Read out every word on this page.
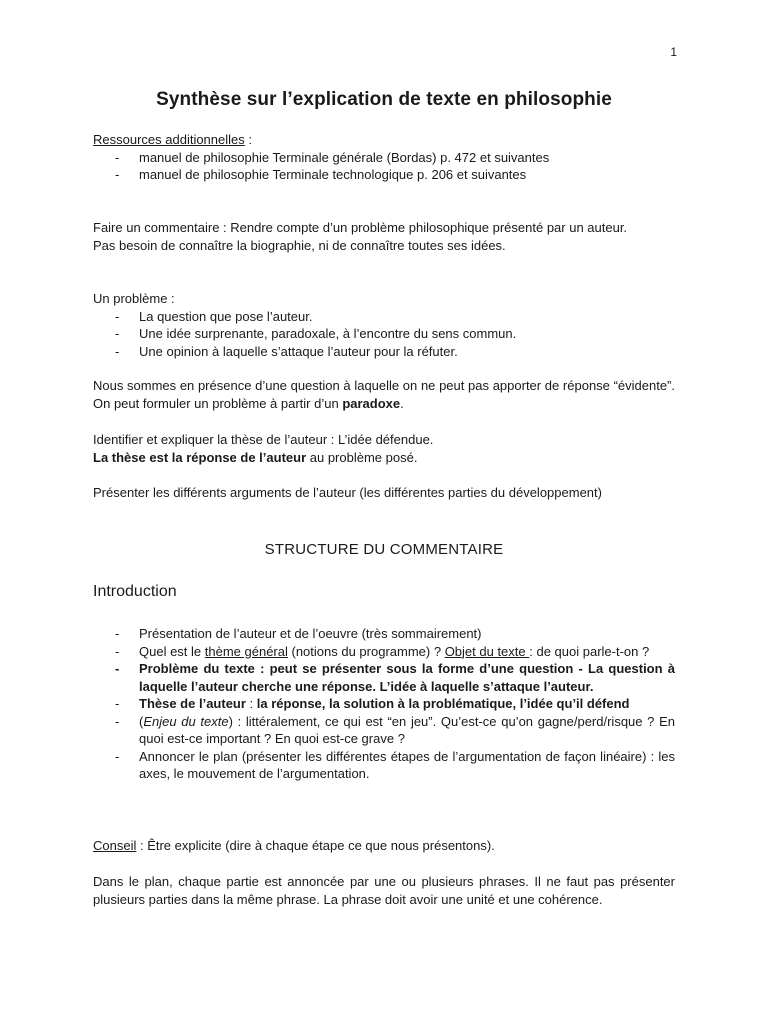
1
Synthèse sur l’explication de texte en philosophie
Ressources additionnelles :
- manuel de philosophie Terminale générale (Bordas) p. 472 et suivantes
- manuel de philosophie Terminale technologique p. 206 et suivantes
Faire un commentaire : Rendre compte d’un problème philosophique présenté par un auteur.
Pas besoin de connaître la biographie, ni de connaître toutes ses idées.
Un problème :
- La question que pose l’auteur.
- Une idée surprenante, paradoxale, à l’encontre du sens commun.
- Une opinion à laquelle s’attaque l’auteur pour la réfuter.
Nous sommes en présence d’une question à laquelle on ne peut pas apporter de réponse “évidente”. On peut formuler un problème à partir d’un paradoxe.
Identifier et expliquer la thèse de l’auteur : L’idée défendue.
La thèse est la réponse de l’auteur au problème posé.
Présenter les différents arguments de l’auteur (les différentes parties du développement)
STRUCTURE DU COMMENTAIRE
Introduction
- Présentation de l’auteur et de l’oeuvre (très sommairement)
- Quel est le thème général (notions du programme) ? Objet du texte : de quoi parle-t-on ?
- Problème du texte : peut se présenter sous la forme d’une question - La question à laquelle l’auteur cherche une réponse. L’idée à laquelle s’attaque l’auteur.
- Thèse de l’auteur : la réponse, la solution à la problématique, l’idée qu’il défend
- (Enjeu du texte) : littéralement, ce qui est “en jeu”. Qu’est-ce qu’on gagne/perd/risque ? En quoi est-ce important ? En quoi est-ce grave ?
- Annoncer le plan (présenter les différentes étapes de l’argumentation de façon linéaire) : les axes, le mouvement de l’argumentation.
Conseil : Être explicite (dire à chaque étape ce que nous présentons).
Dans le plan, chaque partie est annoncée par une ou plusieurs phrases. Il ne faut pas présenter plusieurs parties dans la même phrase. La phrase doit avoir une unité et une cohérence.
